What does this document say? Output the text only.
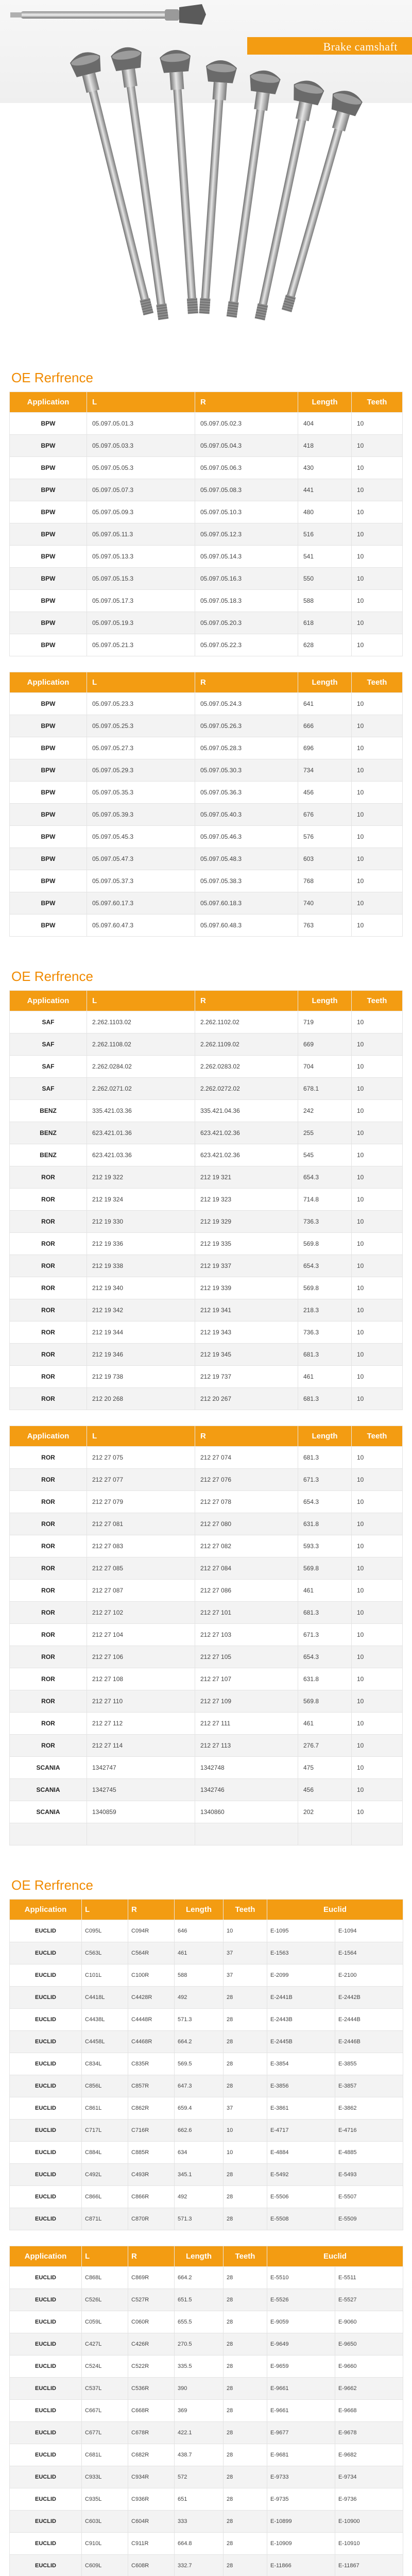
Brake camshaft
OE Rerfrence
Application	L	R	Length	Teeth
BPW	05.097.05.01.3	05.097.05.02.3	404	10
BPW	05.097.05.03.3	05.097.05.04.3	418	10
BPW	05.097.05.05.3	05.097.05.06.3	430	10
BPW	05.097.05.07.3	05.097.05.08.3	441	10
BPW	05.097.05.09.3	05.097.05.10.3	480	10
BPW	05.097.05.11.3	05.097.05.12.3	516	10
BPW	05.097.05.13.3	05.097.05.14.3	541	10
BPW	05.097.05.15.3	05.097.05.16.3	550	10
BPW	05.097.05.17.3	05.097.05.18.3	588	10
BPW	05.097.05.19.3	05.097.05.20.3	618	10
BPW	05.097.05.21.3	05.097.05.22.3	628	10
Application	L	R	Length	Teeth
BPW	05.097.05.23.3	05.097.05.24.3	641	10
BPW	05.097.05.25.3	05.097.05.26.3	666	10
BPW	05.097.05.27.3	05.097.05.28.3	696	10
BPW	05.097.05.29.3	05.097.05.30.3	734	10
BPW	05.097.05.35.3	05.097.05.36.3	456	10
BPW	05.097.05.39.3	05.097.05.40.3	676	10
BPW	05.097.05.45.3	05.097.05.46.3	576	10
BPW	05.097.05.47.3	05.097.05.48.3	603	10
BPW	05.097.05.37.3	05.097.05.38.3	768	10
BPW	05.097.60.17.3	05.097.60.18.3	740	10
BPW	05.097.60.47.3	05.097.60.48.3	763	10
OE Rerfrence
Application	L	R	Length	Teeth
SAF	2.262.1103.02	2.262.1102.02	719	10
SAF	2.262.1108.02	2.262.1109.02	669	10
SAF	2.262.0284.02	2.262.0283.02	704	10
SAF	2.262.0271.02	2.262.0272.02	678.1	10
BENZ	335.421.03.36	335.421.04.36	242	10
BENZ	623.421.01.36	623.421.02.36	255	10
BENZ	623.421.03.36	623.421.02.36	545	10
ROR	212 19 322	212 19 321	654.3	10
ROR	212 19 324	212 19 323	714.8	10
ROR	212 19 330	212 19 329	736.3	10
ROR	212 19 336	212 19 335	569.8	10
ROR	212 19 338	212 19 337	654.3	10
ROR	212 19 340	212 19 339	569.8	10
ROR	212 19 342	212 19 341	218.3	10
ROR	212 19 344	212 19 343	736.3	10
ROR	212 19 346	212 19 345	681.3	10
ROR	212 19 738	212 19 737	461	10
ROR	212 20 268	212 20 267	681.3	10
Application	L	R	Length	Teeth
ROR	212 27 075	212 27 074	681.3	10
ROR	212 27 077	212 27 076	671.3	10
ROR	212 27 079	212 27 078	654.3	10
ROR	212 27 081	212 27 080	631.8	10
ROR	212 27 083	212 27 082	593.3	10
ROR	212 27 085	212 27 084	569.8	10
ROR	212 27 087	212 27 086	461	10
ROR	212 27 102	212 27 101	681.3	10
ROR	212 27 104	212 27 103	671.3	10
ROR	212 27 106	212 27 105	654.3	10
ROR	212 27 108	212 27 107	631.8	10
ROR	212 27 110	212 27 109	569.8	10
ROR	212 27 112	212 27 111	461	10
ROR	212 27 114	212 27 113	276.7	10
SCANIA	1342747	1342748	475	10
SCANIA	1342745	1342746	456	10
SCANIA	1340859	1340860	202	10

OE Rerfrence
Application	L	R	Length	Teeth	Euclid	
EUCLID	C095L	C094R	646	10	E-1095	E-1094
EUCLID	C563L	C564R	461	37	E-1563	E-1564
EUCLID	C101L	C100R	588	37	E-2099	E-2100
EUCLID	C4418L	C4428R	492	28	E-2441B	E-2442B
EUCLID	C4438L	C4448R	571.3	28	E-2443B	E-2444B
EUCLID	C4458L	C4468R	664.2	28	E-2445B	E-2446B
EUCLID	C834L	C835R	569.5	28	E-3854	E-3855
EUCLID	C856L	C857R	647.3	28	E-3856	E-3857
EUCLID	C861L	C862R	659.4	37	E-3861	E-3862
EUCLID	C717L	C716R	662.6	10	E-4717	E-4716
EUCLID	C884L	C885R	634	10	E-4884	E-4885
EUCLID	C492L	C493R	345.1	28	E-5492	E-5493
EUCLID	C866L	C866R	492	28	E-5506	E-5507
EUCLID	C871L	C870R	571.3	28	E-5508	E-5509
Application	L	R	Length	Teeth	Euclid	
EUCLID	C868L	C869R	664.2	28	E-5510	E-5511
EUCLID	C526L	C527R	651.5	28	E-5526	E-5527
EUCLID	C059L	C060R	655.5	28	E-9059	E-9060
EUCLID	C427L	C426R	270.5	28	E-9649	E-9650
EUCLID	C524L	C522R	335.5	28	E-9659	E-9660
EUCLID	C537L	C536R	390	28	E-9661	E-9662
EUCLID	C667L	C668R	369	28	E-9661	E-9668
EUCLID	C677L	C678R	422.1	28	E-9677	E-9678
EUCLID	C681L	C682R	438.7	28	E-9681	E-9682
EUCLID	C933L	C934R	572	28	E-9733	E-9734
EUCLID	C935L	C936R	651	28	E-9735	E-9736
EUCLID	C603L	C604R	333	28	E-10899	E-10900
EUCLID	C910L	C911R	664.8	28	E-10909	E-10910
EUCLID	C609L	C608R	332.7	28	E-11866	E-11867
